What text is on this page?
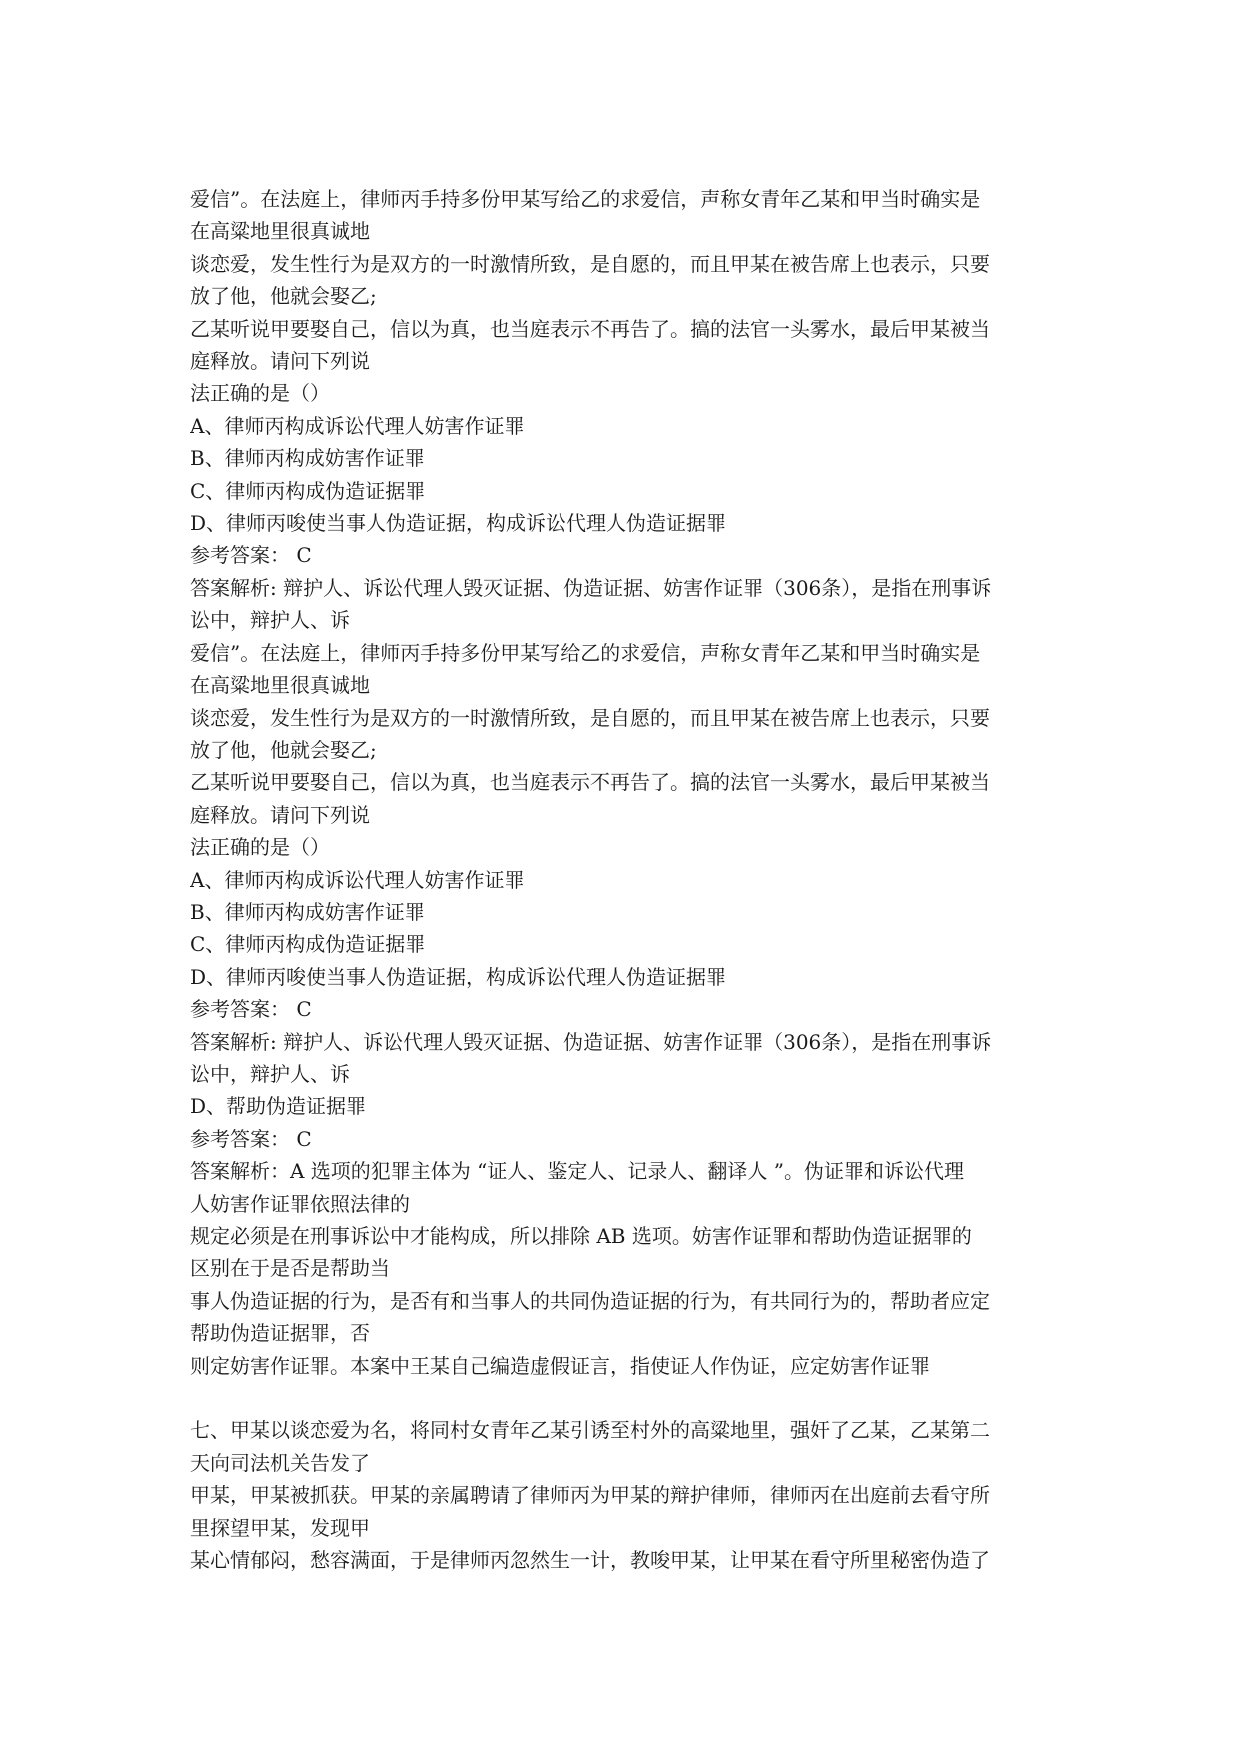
爱信”。在法庭上，律师丙手持多份甲某写给乙的求爱信，声称女青年乙某和甲当时确实是
在高粱地里很真诚地
谈恋爱，发生性行为是双方的一时激情所致，是自愿的，而且甲某在被告席上也表示，只要
放了他，他就会娶乙;
乙某听说甲要娶自己，信以为真，也当庭表示不再告了。搞的法官一头雾水，最后甲某被当
庭释放。请问下列说
法正确的是（）
A、律师丙构成诉讼代理人妨害作证罪
B、律师丙构成妨害作证罪
C、律师丙构成伪造证据罪
D、律师丙唆使当事人伪造证据，构成诉讼代理人伪造证据罪
参考答案： C
答案解析: 辩护人、诉讼代理人毁灭证据、伪造证据、妨害作证罪（306条），是指在刑事诉
讼中，辩护人、诉
爱信”。在法庭上，律师丙手持多份甲某写给乙的求爱信，声称女青年乙某和甲当时确实是
在高粱地里很真诚地
谈恋爱，发生性行为是双方的一时激情所致，是自愿的，而且甲某在被告席上也表示，只要
放了他，他就会娶乙;
乙某听说甲要娶自己，信以为真，也当庭表示不再告了。搞的法官一头雾水，最后甲某被当
庭释放。请问下列说
法正确的是（）
A、律师丙构成诉讼代理人妨害作证罪
B、律师丙构成妨害作证罪
C、律师丙构成伪造证据罪
D、律师丙唆使当事人伪造证据，构成诉讼代理人伪造证据罪
参考答案： C
答案解析: 辩护人、诉讼代理人毁灭证据、伪造证据、妨害作证罪（306条），是指在刑事诉
讼中，辩护人、诉
D、帮助伪造证据罪
参考答案： C
答案解析：A 选项的犯罪主体为 “证人、鉴定人、记录人、翻译人 ”。伪证罪和诉讼代理
人妨害作证罪依照法律的
规定必须是在刑事诉讼中才能构成，所以排除 AB 选项。妨害作证罪和帮助伪造证据罪的
区别在于是否是帮助当
事人伪造证据的行为，是否有和当事人的共同伪造证据的行为，有共同行为的，帮助者应定
帮助伪造证据罪，否
则定妨害作证罪。本案中王某自己编造虚假证言，指使证人作伪证，应定妨害作证罪
七、甲某以谈恋爱为名，将同村女青年乙某引诱至村外的高粱地里，强奸了乙某，乙某第二
天向司法机关告发了
甲某，甲某被抓获。甲某的亲属聘请了律师丙为甲某的辩护律师，律师丙在出庭前去看守所
里探望甲某，发现甲
某心情郁闷，愁容满面，于是律师丙忽然生一计，教唆甲某，让甲某在看守所里秘密伪造了
